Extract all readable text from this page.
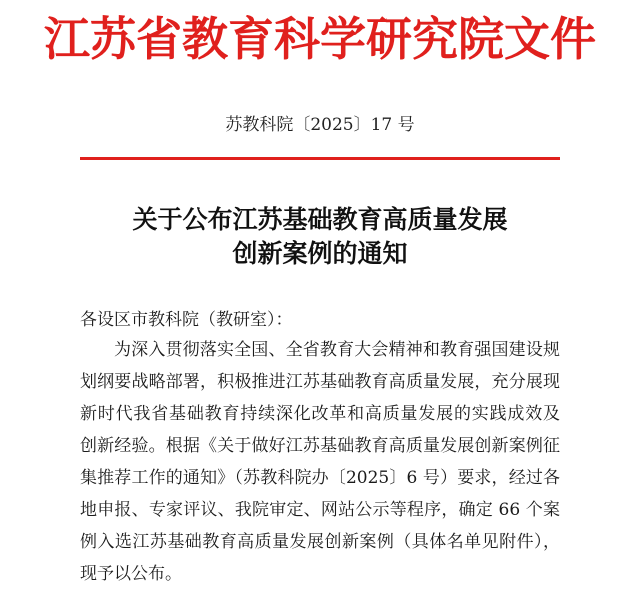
江苏省教育科学研究院文件
苏教科院〔2025〕17 号
关于公布江苏基础教育高质量发展
创新案例的通知
各设区市教科院（教研室）：
为深入贯彻落实全国、全省教育大会精神和教育强国建设规
划纲要战略部署，积极推进江苏基础教育高质量发展，充分展现
新时代我省基础教育持续深化改革和高质量发展的实践成效及
创新经验。根据《关于做好江苏基础教育高质量发展创新案例征
集推荐工作的通知》（苏教科院办〔2025〕6 号）要求，经过各
地申报、专家评议、我院审定、网站公示等程序，确定 66 个案
例入选江苏基础教育高质量发展创新案例（具体名单见附件），
现予以公布。
